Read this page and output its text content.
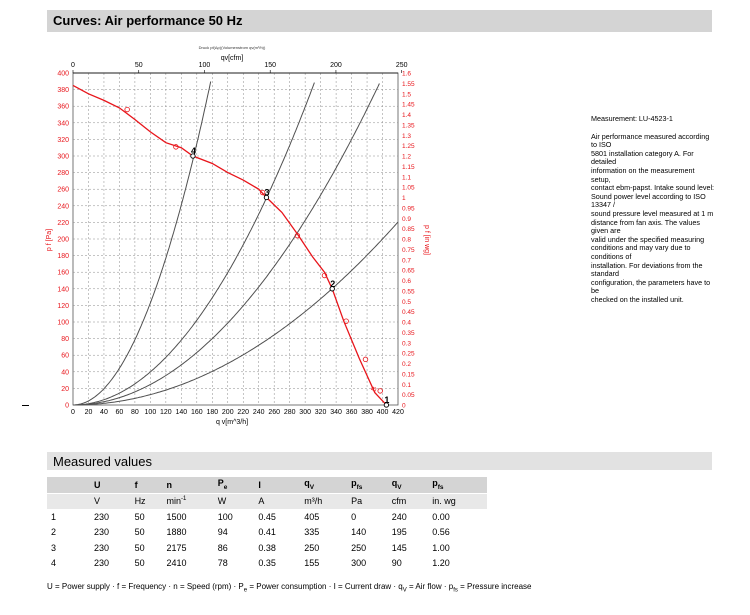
Curves: Air performance 50 Hz
0
20
40
60
80
100
120
140
160
180
200
220
240
260
280
300
320
340
360
380
400
0
0.05
0.1
0.15
0.2
0.25
0.3
0.35
0.4
0.45
0.5
0.55
0.6
0.65
0.7
0.75
0.8
0.85
0.9
0.95
1
1.05
1.1
1.15
1.2
1.25
1.3
1.35
1.4
1.45
1.5
1.55
1.6
0 20 40 60 80 100 120 140 160 180 200 220 240 260 280 300 320 340 360 380 400 420
0	50	100	150	200	250
Druck pf(Δp)(Volumenstrom qv(m³/h))
qv[cfm]
q v[m^3/h]
p f [Pa]	p f [in wg]
1
2
3
4
B
Measurement: LU-4523-1
Air performance measured according to ISO
5801 installation category A. For detailed
information on the measurement setup,
contact ebm-papst. Intake sound level:
Sound power level according to ISO 13347 /
sound pressure level measured at 1 m
distance from fan axis. The values given are
valid under the specified measuring
conditions and may vary due to conditions of
installation. For deviations from the standard
configuration, the parameters have to be
checked on the installed unit.
Measured values
	U	f	n	$P_e$	I	$q_V$	$p_{fs}$	$q_V$	$p_{fs}$
	V	Hz	$\min^{-1}$	W	A	m³/h	Pa	cfm	in. wg
1	230	50	1500	100	0.45	405	0	240	0.00
2	230	50	1880	94	0.41	335	140	195	0.56
3	230	50	2175	86	0.38	250	250	145	1.00
4	230	50	2410	78	0.35	155	300	90	1.20
U = Power supply · f = Frequency · n = Speed $(rpm) \cdot P_e$ = Power consumption · I = Current draw · $q_V$ = Air flow · $p_{fs}$ = Pressure increase
